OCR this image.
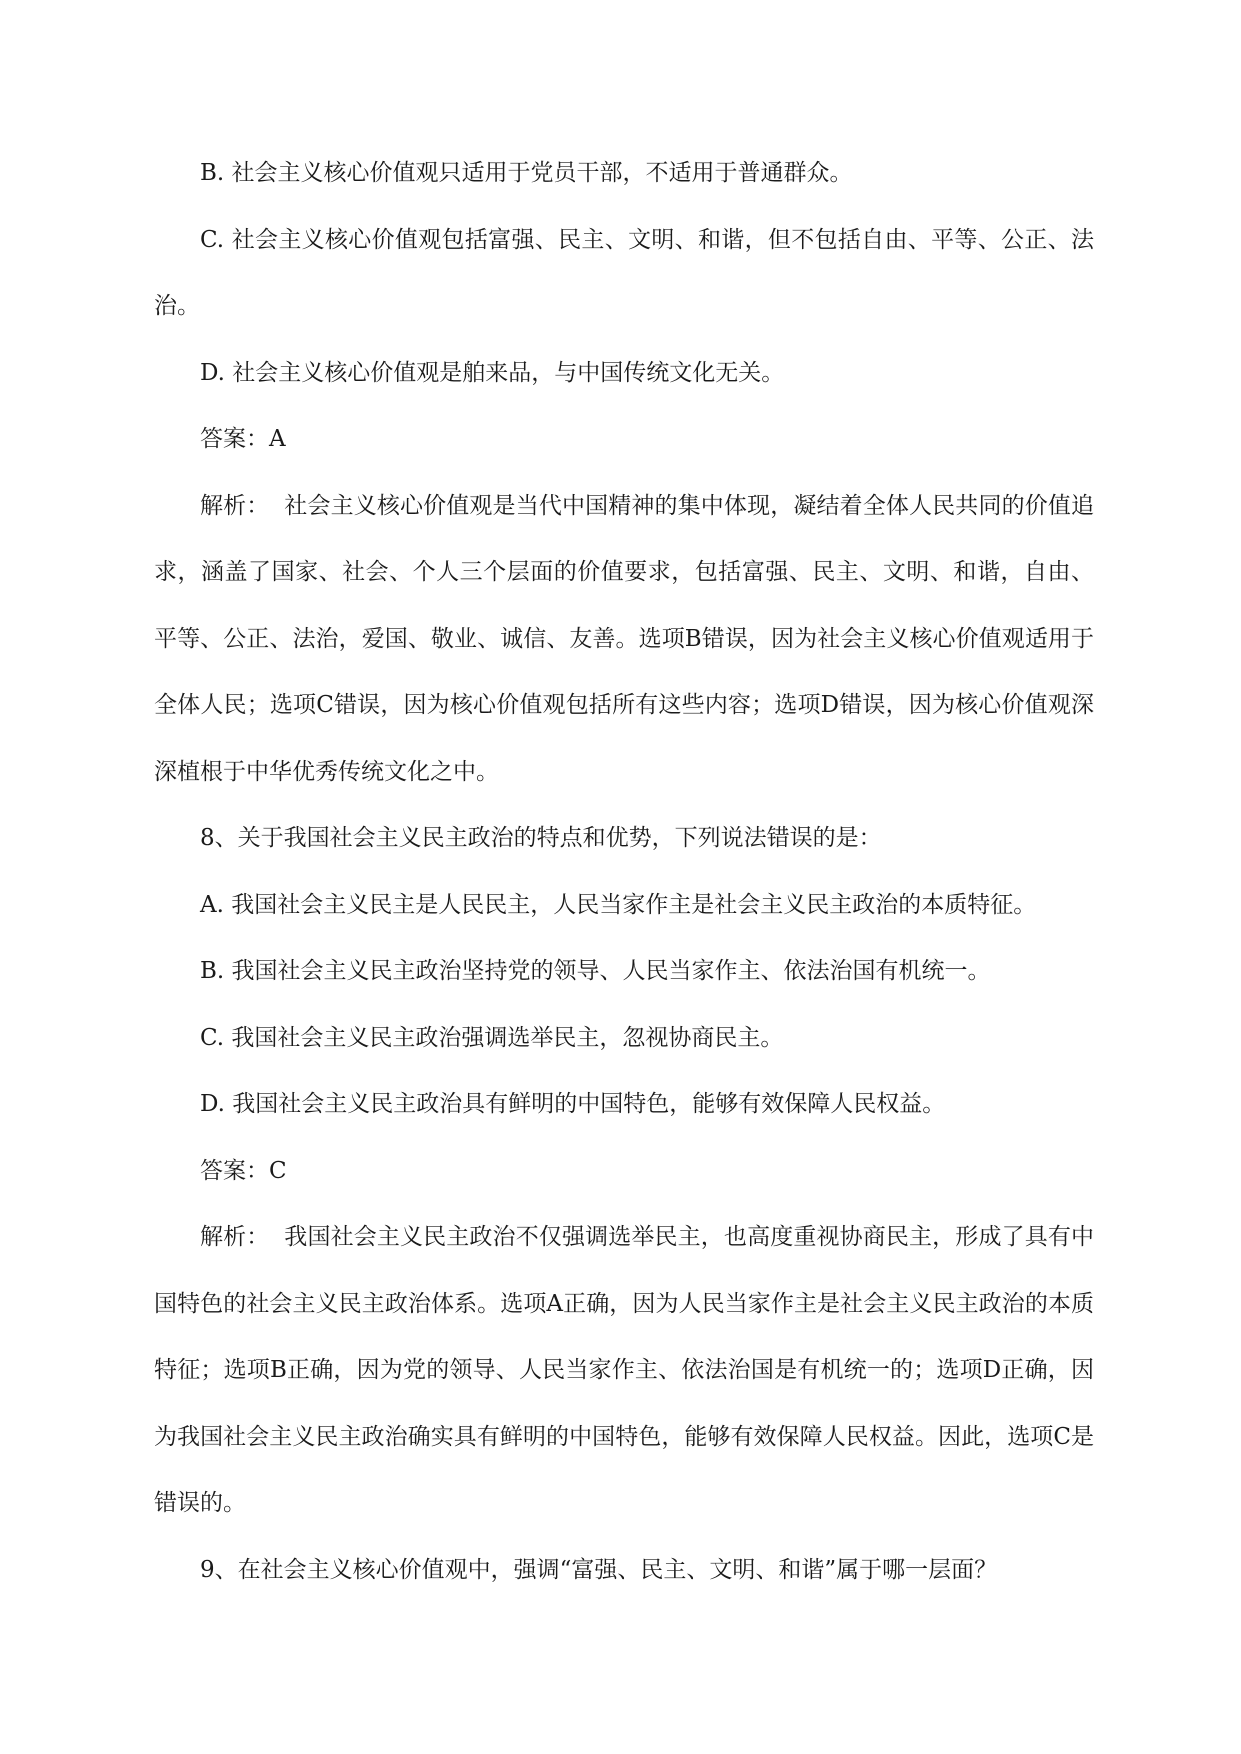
B. 社会主义核心价值观只适用于党员干部，不适用于普通群众。

C. 社会主义核心价值观包括富强、民主、文明、和谐，但不包括自由、平等、公正、法治。

D. 社会主义核心价值观是舶来品，与中国传统文化无关。

答案：A

解析：  社会主义核心价值观是当代中国精神的集中体现，凝结着全体人民共同的价值追求，涵盖了国家、社会、个人三个层面的价值要求，包括富强、民主、文明、和谐，自由、平等、公正、法治，爱国、敬业、诚信、友善。选项B错误，因为社会主义核心价值观适用于全体人民；选项C错误，因为核心价值观包括所有这些内容；选项D错误，因为核心价值观深深植根于中华优秀传统文化之中。

8、关于我国社会主义民主政治的特点和优势，下列说法错误的是：

A. 我国社会主义民主是人民民主，人民当家作主是社会主义民主政治的本质特征。

B. 我国社会主义民主政治坚持党的领导、人民当家作主、依法治国有机统一。

C. 我国社会主义民主政治强调选举民主，忽视协商民主。

D. 我国社会主义民主政治具有鲜明的中国特色，能够有效保障人民权益。

答案：C

解析：  我国社会主义民主政治不仅强调选举民主，也高度重视协商民主，形成了具有中国特色的社会主义民主政治体系。选项A正确，因为人民当家作主是社会主义民主政治的本质特征；选项B正确，因为党的领导、人民当家作主、依法治国是有机统一的；选项D正确，因为我国社会主义民主政治确实具有鲜明的中国特色，能够有效保障人民权益。因此，选项C是错误的。

9、在社会主义核心价值观中，强调“富强、民主、文明、和谐”属于哪一层面？
